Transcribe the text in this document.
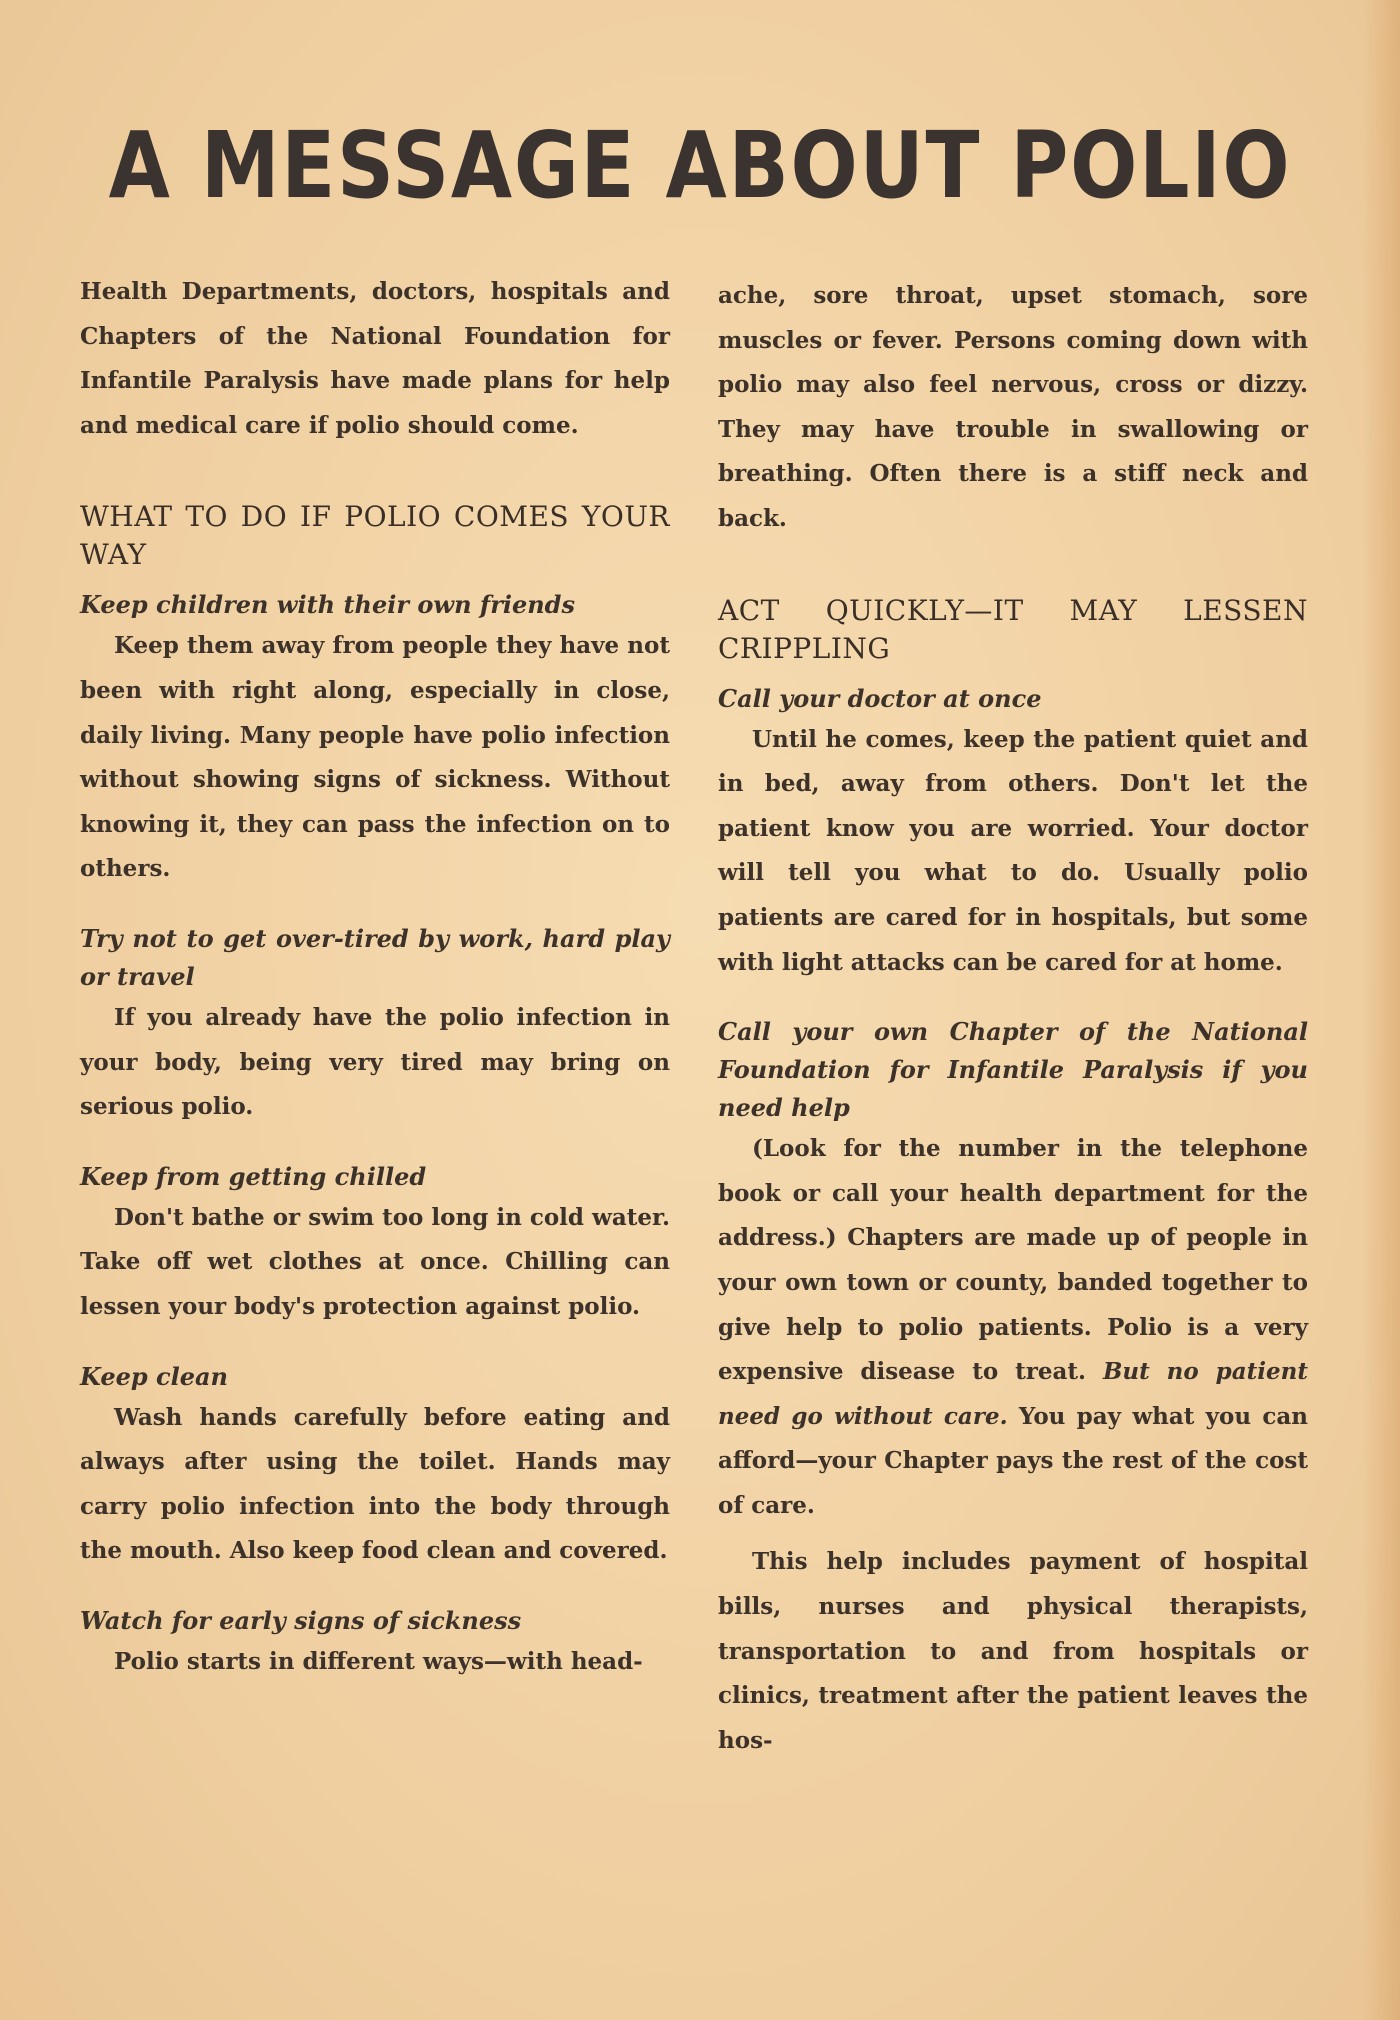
A MESSAGE ABOUT POLIO

Health Departments, doctors, hospitals and Chapters of the National Foundation for Infantile Paralysis have made plans for help and medical care if polio should come.

WHAT TO DO IF POLIO COMES YOUR WAY

Keep children with their own friends

Keep them away from people they have not been with right along, especially in close, daily living. Many people have polio infection without showing signs of sickness. Without knowing it, they can pass the infection on to others.

Try not to get over-tired by work, hard play or travel

If you already have the polio infection in your body, being very tired may bring on serious polio.

Keep from getting chilled

Don't bathe or swim too long in cold water. Take off wet clothes at once. Chilling can lessen your body's protection against polio.

Keep clean

Wash hands carefully before eating and always after using the toilet. Hands may carry polio infection into the body through the mouth. Also keep food clean and covered.

Watch for early signs of sickness

Polio starts in different ways—with head-

ache, sore throat, upset stomach, sore muscles or fever. Persons coming down with polio may also feel nervous, cross or dizzy. They may have trouble in swallowing or breathing. Often there is a stiff neck and back.

ACT QUICKLY—IT MAY LESSEN CRIPPLING

Call your doctor at once

Until he comes, keep the patient quiet and in bed, away from others. Don't let the patient know you are worried. Your doctor will tell you what to do. Usually polio patients are cared for in hospitals, but some with light attacks can be cared for at home.

Call your own Chapter of the National Foundation for Infantile Paralysis if you need help

(Look for the number in the telephone book or call your health department for the address.) Chapters are made up of people in your own town or county, banded together to give help to polio patients. Polio is a very expensive disease to treat. But no patient need go without care. You pay what you can afford—your Chapter pays the rest of the cost of care.

This help includes payment of hospital bills, nurses and physical therapists, transportation to and from hospitals or clinics, treatment after the patient leaves the hos-
